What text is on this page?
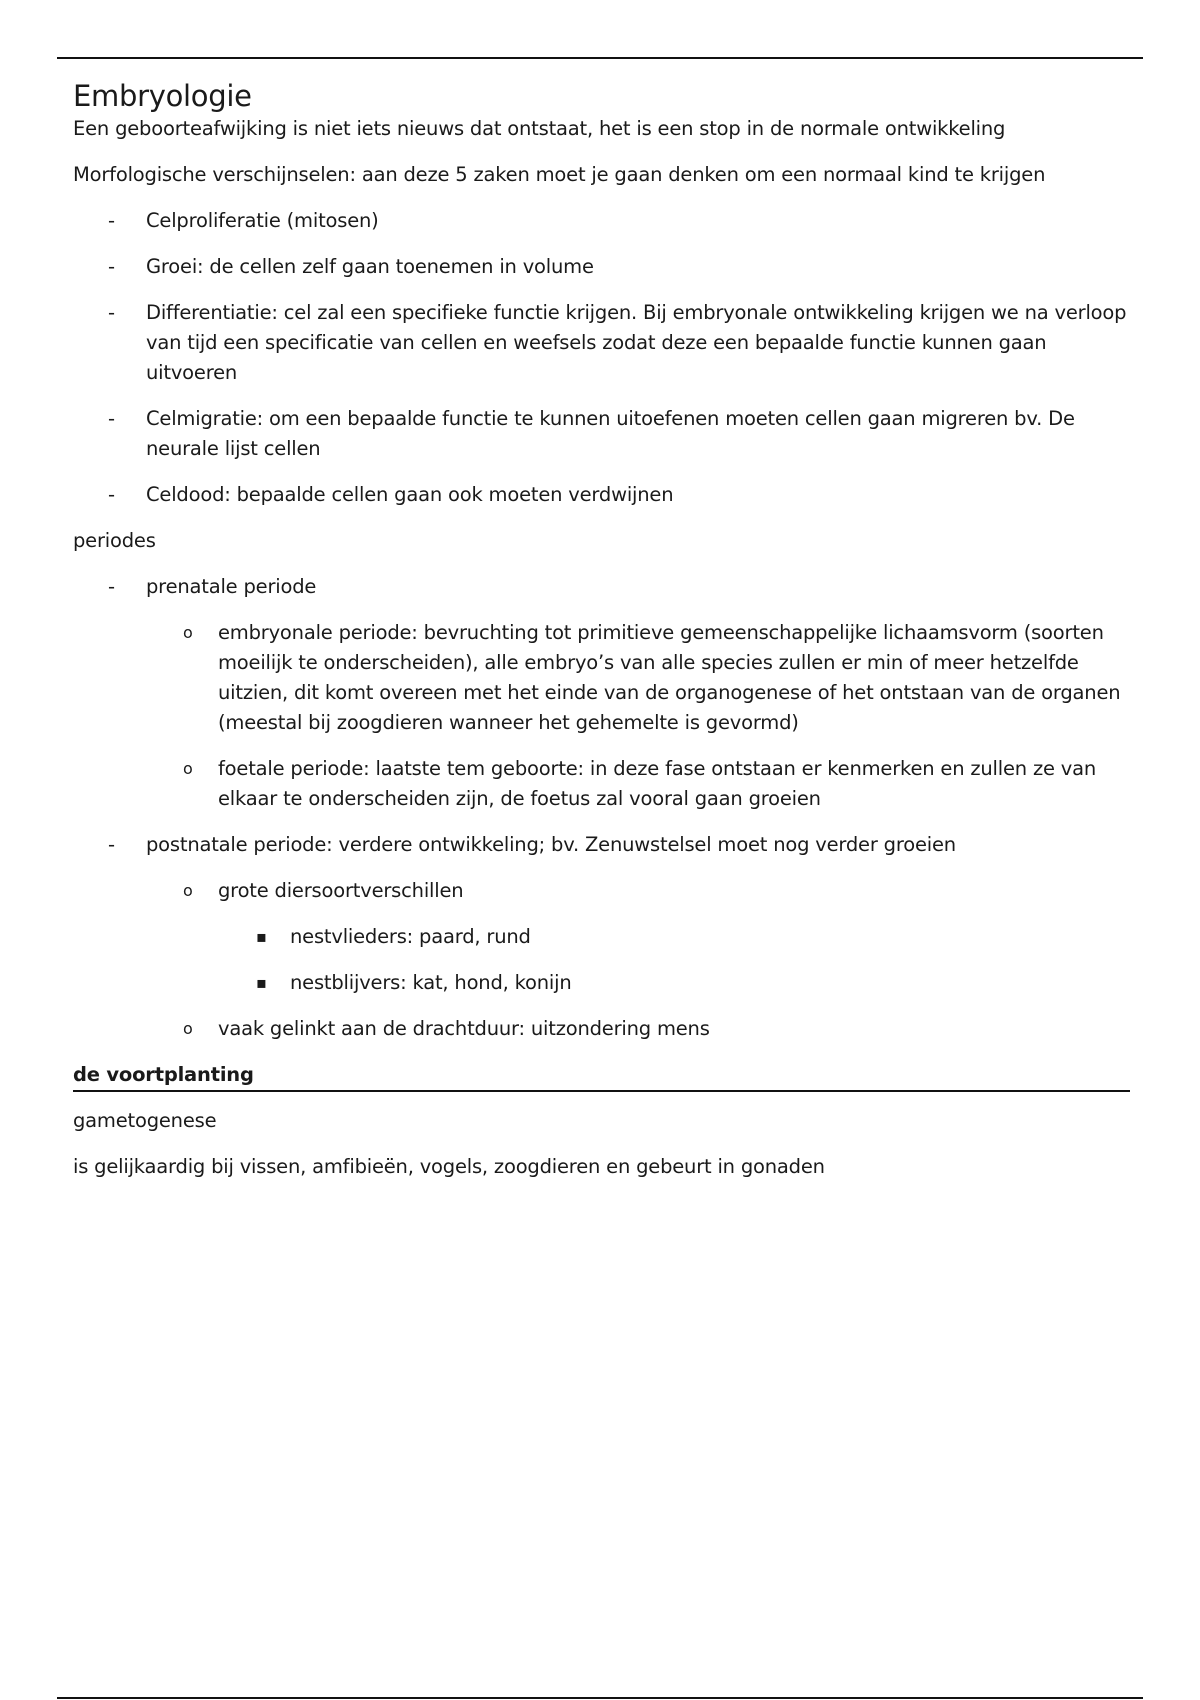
Embryologie

Een geboorteafwijking is niet iets nieuws dat ontstaat, het is een stop in de normale ontwikkeling

Morfologische verschijnselen: aan deze 5 zaken moet je gaan denken om een normaal kind te krijgen

- Celproliferatie (mitosen)
- Groei: de cellen zelf gaan toenemen in volume
- Differentiatie: cel zal een specifieke functie krijgen. Bij embryonale ontwikkeling krijgen we na verloop van tijd een specificatie van cellen en weefsels zodat deze een bepaalde functie kunnen gaan uitvoeren
- Celmigratie: om een bepaalde functie te kunnen uitoefenen moeten cellen gaan migreren bv. De neurale lijst cellen
- Celdood: bepaalde cellen gaan ook moeten verdwijnen

periodes

- prenatale periode
o embryonale periode: bevruchting tot primitieve gemeenschappelijke lichaamsvorm (soorten moeilijk te onderscheiden), alle embryo’s van alle species zullen er min of meer hetzelfde uitzien, dit komt overeen met het einde van de organogenese of het ontstaan van de organen (meestal bij zoogdieren wanneer het gehemelte is gevormd)
o foetale periode: laatste tem geboorte: in deze fase ontstaan er kenmerken en zullen ze van elkaar te onderscheiden zijn, de foetus zal vooral gaan groeien
- postnatale periode: verdere ontwikkeling; bv. Zenuwstelsel moet nog verder groeien
o grote diersoortverschillen
▪ nestvlieders: paard, rund
▪ nestblijvers: kat, hond, konijn
o vaak gelinkt aan de drachtduur: uitzondering mens
de voortplanting

gametogenese

is gelijkaardig bij vissen, amfibieën, vogels, zoogdieren en gebeurt in gonaden
